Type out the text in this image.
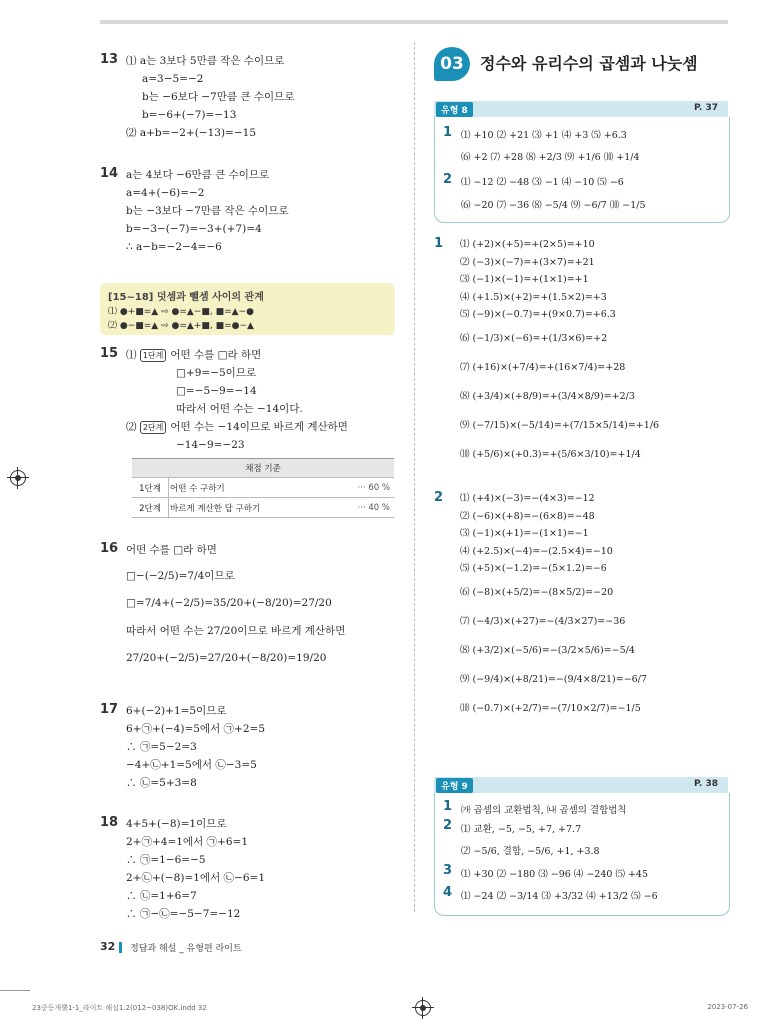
13 ⑴ a는 3보다 5만큼 작은 수이므로
a=3−5=−2
b는 −6보다 −7만큼 큰 수이므로
b=−6+(−7)=−13
⑵ a+b=−2+(−13)=−15
14 a는 4보다 −6만큼 큰 수이므로
a=4+(−6)=−2
b는 −3보다 −7만큼 작은 수이므로
b=−3−(−7)=−3+(+7)=4
∴ a−b=−2−4=−6
[15~18] 덧셈과 뺄셈 사이의 관계
⑴ ●+■=▲ ⇨ ●=▲−■, ■=▲−●
⑵ ●−■=▲ ⇨ ●=▲+■, ■=●−▲
15 ⑴ 1단계 어떤 수를 □라 하면
□+9=−5이므로
□=−5−9=−14
따라서 어떤 수는 −14이다.
⑵ 2단계 어떤 수는 −14이므로 바르게 계산하면
−14−9=−23
채점 기준		
1단계	어떤 수 구하기	··· 60 %
2단계	바르게 계산한 답 구하기	··· 40 %
16 어떤 수를 □라 하면
□−(−2/5)=7/4이므로
□=7/4+(−2/5)=35/20+(−8/20)=27/20
따라서 어떤 수는 27/20이므로 바르게 계산하면
27/20+(−2/5)=27/20+(−8/20)=19/20
17 6+(−2)+1=5이므로
6+㉠+(−4)=5에서 ㉠+2=5
∴ ㉠=5−2=3
−4+㉡+1=5에서 ㉡−3=5
∴ ㉡=5+3=8
18 4+5+(−8)=1이므로
2+㉠+4=1에서 ㉠+6=1
∴ ㉠=1−6=−5
2+㉡+(−8)=1에서 ㉡−6=1
∴ ㉡=1+6=7
∴ ㉠−㉡=−5−7=−12
03	정수와 유리수의 곱셈과 나눗셈
유형 8	P. 37
1 ⑴ +10 ⑵ +21 ⑶ +1 ⑷ +3 ⑸ +6.3
⑹ +2 ⑺ +28 ⑻ +2/3 ⑼ +1/6 ⑽ +1/4
2 ⑴ −12 ⑵ −48 ⑶ −1 ⑷ −10 ⑸ −6
⑹ −20 ⑺ −36 ⑻ −5/4 ⑼ −6/7 ⑽ −1/5
1 ⑴ (+2)×(+5)=+(2×5)=+10
⑵ (−3)×(−7)=+(3×7)=+21
⑶ (−1)×(−1)=+(1×1)=+1
⑷ (+1.5)×(+2)=+(1.5×2)=+3
⑸ (−9)×(−0.7)=+(9×0.7)=+6.3
⑹ (−1/3)×(−6)=+(1/3×6)=+2
⑺ (+16)×(+7/4)=+(16×7/4)=+28
⑻ (+3/4)×(+8/9)=+(3/4×8/9)=+2/3
⑼ (−7/15)×(−5/14)=+(7/15×5/14)=+1/6
⑽ (+5/6)×(+0.3)=+(5/6×3/10)=+1/4
2 ⑴ (+4)×(−3)=−(4×3)=−12
⑵ (−6)×(+8)=−(6×8)=−48
⑶ (−1)×(+1)=−(1×1)=−1
⑷ (+2.5)×(−4)=−(2.5×4)=−10
⑸ (+5)×(−1.2)=−(5×1.2)=−6
⑹ (−8)×(+5/2)=−(8×5/2)=−20
⑺ (−4/3)×(+27)=−(4/3×27)=−36
⑻ (+3/2)×(−5/6)=−(3/2×5/6)=−5/4
⑼ (−9/4)×(+8/21)=−(9/4×8/21)=−6/7
⑽ (−0.7)×(+2/7)=−(7/10×2/7)=−1/5
유형 9	P. 38
1 ㈎ 곱셈의 교환법칙, ㈏ 곱셈의 결합법칙
2 ⑴ 교환, −5, −5, +7, +7.7
⑵ −5/6, 결합, −5/6, +1, +3.8
3 ⑴ +30 ⑵ −180 ⑶ −96 ⑷ −240 ⑸ +45
4 ⑴ −24 ⑵ −3/14 ⑶ +3/32 ⑷ +13/2 ⑸ −6
32	정답과 해설 _ 유형편 라이트
23중등개뿔1-1_라이트 해설1.2(012~038)OK.indd 32	2023-07-26
